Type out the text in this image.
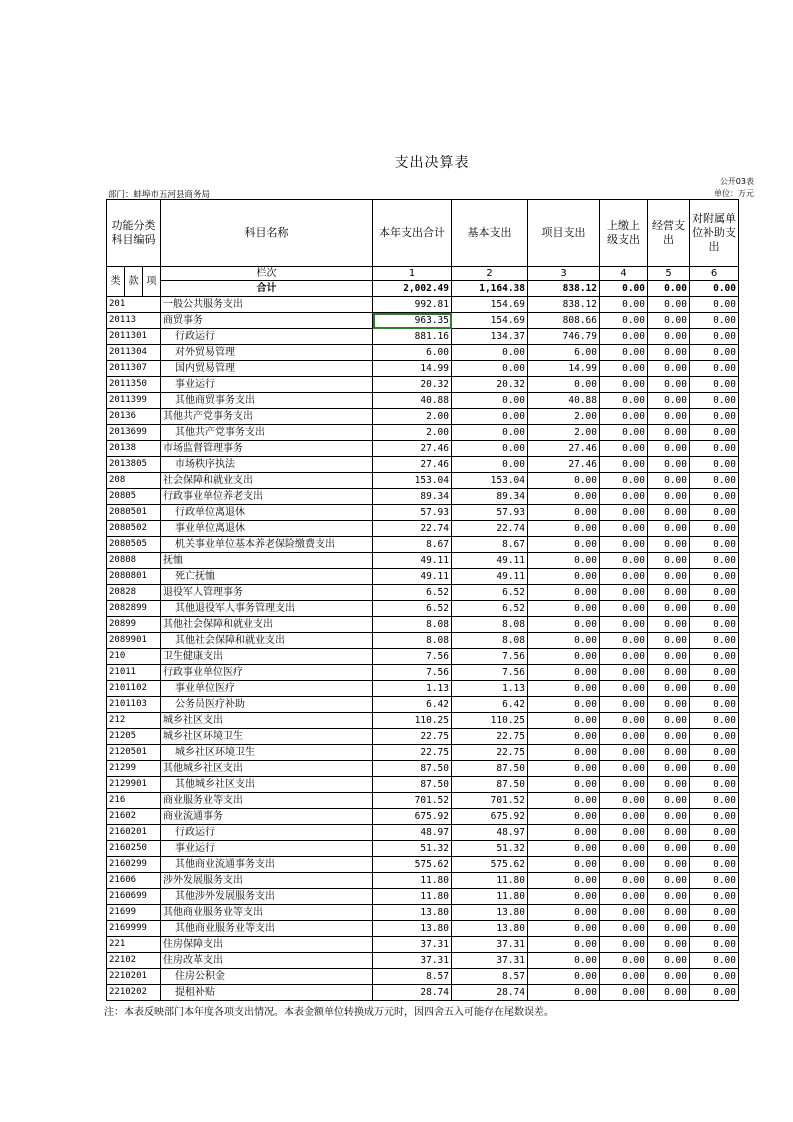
支出决算表
公开03表
部门：蚌埠市五河县商务局	单位：万元
功能分类科目编码			科目名称	本年支出合计	基本支出	项目支出	上缴上级支出	经营支出	对附属单位补助支出
类	款	项	栏次	1	2	3	4	5	6
			合计	2,002.49	1,164.38	838.12	0.00	0.00	0.00
201			一般公共服务支出	992.81	154.69	838.12	0.00	0.00	0.00
20113			商贸事务	963.35	154.69	808.66	0.00	0.00	0.00
2011301			行政运行	881.16	134.37	746.79	0.00	0.00	0.00
2011304			对外贸易管理	6.00	0.00	6.00	0.00	0.00	0.00
2011307			国内贸易管理	14.99	0.00	14.99	0.00	0.00	0.00
2011350			事业运行	20.32	20.32	0.00	0.00	0.00	0.00
2011399			其他商贸事务支出	40.88	0.00	40.88	0.00	0.00	0.00
20136			其他共产党事务支出	2.00	0.00	2.00	0.00	0.00	0.00
2013699			其他共产党事务支出	2.00	0.00	2.00	0.00	0.00	0.00
20138			市场监督管理事务	27.46	0.00	27.46	0.00	0.00	0.00
2013805			市场秩序执法	27.46	0.00	27.46	0.00	0.00	0.00
208			社会保障和就业支出	153.04	153.04	0.00	0.00	0.00	0.00
20805			行政事业单位养老支出	89.34	89.34	0.00	0.00	0.00	0.00
2080501			行政单位离退休	57.93	57.93	0.00	0.00	0.00	0.00
2080502			事业单位离退休	22.74	22.74	0.00	0.00	0.00	0.00
2080505			机关事业单位基本养老保险缴费支出	8.67	8.67	0.00	0.00	0.00	0.00
20808			抚恤	49.11	49.11	0.00	0.00	0.00	0.00
2080801			死亡抚恤	49.11	49.11	0.00	0.00	0.00	0.00
20828			退役军人管理事务	6.52	6.52	0.00	0.00	0.00	0.00
2082899			其他退役军人事务管理支出	6.52	6.52	0.00	0.00	0.00	0.00
20899			其他社会保障和就业支出	8.08	8.08	0.00	0.00	0.00	0.00
2089901			其他社会保障和就业支出	8.08	8.08	0.00	0.00	0.00	0.00
210			卫生健康支出	7.56	7.56	0.00	0.00	0.00	0.00
21011			行政事业单位医疗	7.56	7.56	0.00	0.00	0.00	0.00
2101102			事业单位医疗	1.13	1.13	0.00	0.00	0.00	0.00
2101103			公务员医疗补助	6.42	6.42	0.00	0.00	0.00	0.00
212			城乡社区支出	110.25	110.25	0.00	0.00	0.00	0.00
21205			城乡社区环境卫生	22.75	22.75	0.00	0.00	0.00	0.00
2120501			城乡社区环境卫生	22.75	22.75	0.00	0.00	0.00	0.00
21299			其他城乡社区支出	87.50	87.50	0.00	0.00	0.00	0.00
2129901			其他城乡社区支出	87.50	87.50	0.00	0.00	0.00	0.00
216			商业服务业等支出	701.52	701.52	0.00	0.00	0.00	0.00
21602			商业流通事务	675.92	675.92	0.00	0.00	0.00	0.00
2160201			行政运行	48.97	48.97	0.00	0.00	0.00	0.00
2160250			事业运行	51.32	51.32	0.00	0.00	0.00	0.00
2160299			其他商业流通事务支出	575.62	575.62	0.00	0.00	0.00	0.00
21606			涉外发展服务支出	11.80	11.80	0.00	0.00	0.00	0.00
2160699			其他涉外发展服务支出	11.80	11.80	0.00	0.00	0.00	0.00
21699			其他商业服务业等支出	13.80	13.80	0.00	0.00	0.00	0.00
2169999			其他商业服务业等支出	13.80	13.80	0.00	0.00	0.00	0.00
221			住房保障支出	37.31	37.31	0.00	0.00	0.00	0.00
22102			住房改革支出	37.31	37.31	0.00	0.00	0.00	0.00
2210201			住房公积金	8.57	8.57	0.00	0.00	0.00	0.00
2210202			提租补贴	28.74	28.74	0.00	0.00	0.00	0.00
注：本表反映部门本年度各项支出情况。本表金额单位转换成万元时，因四舍五入可能存在尾数误差。
